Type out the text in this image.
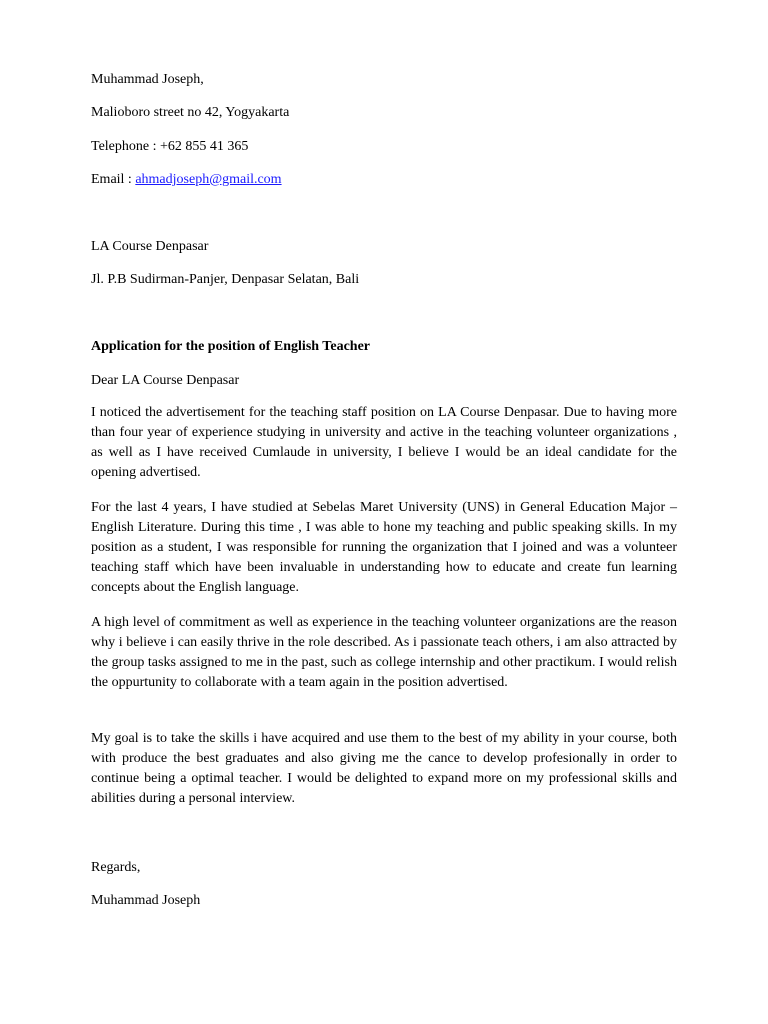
Muhammad Joseph,
Malioboro street no 42, Yogyakarta
Telephone : +62 855 41 365
Email : ahmadjoseph@gmail.com
LA Course Denpasar
Jl. P.B Sudirman-Panjer, Denpasar Selatan, Bali
Application for the position of English Teacher
Dear LA Course Denpasar

I noticed the advertisement for the teaching staff position on LA Course Denpasar. Due to having more than four year of experience studying in university and active in the teaching volunteer organizations , as well as I have received Cumlaude in university, I believe I would be an ideal candidate for the opening advertised.

For the last 4 years, I have studied at Sebelas Maret University (UNS) in General Education Major – English Literature. During this time , I was able to hone my teaching and public speaking skills. In my position as a student, I was responsible for running the organization that I joined and was a volunteer teaching staff which have been invaluable in understanding how to educate and create fun learning concepts about the English language.

A high level of commitment as well as experience in the teaching volunteer organizations are the reason why i believe i can easily thrive in the role described. As i passionate teach others, i am also attracted by the group tasks assigned to me in the past, such as college internship and other practikum. I would relish the oppurtunity to collaborate with a team again in the position advertised.

My goal is to take the skills i have acquired and use them to the best of my ability in your course, both with produce the best graduates and also giving me the cance to develop profesionally in order to continue being a optimal teacher. I would be delighted to expand more on my professional skills and abilities during a personal interview.

Regards,
Muhammad Joseph
